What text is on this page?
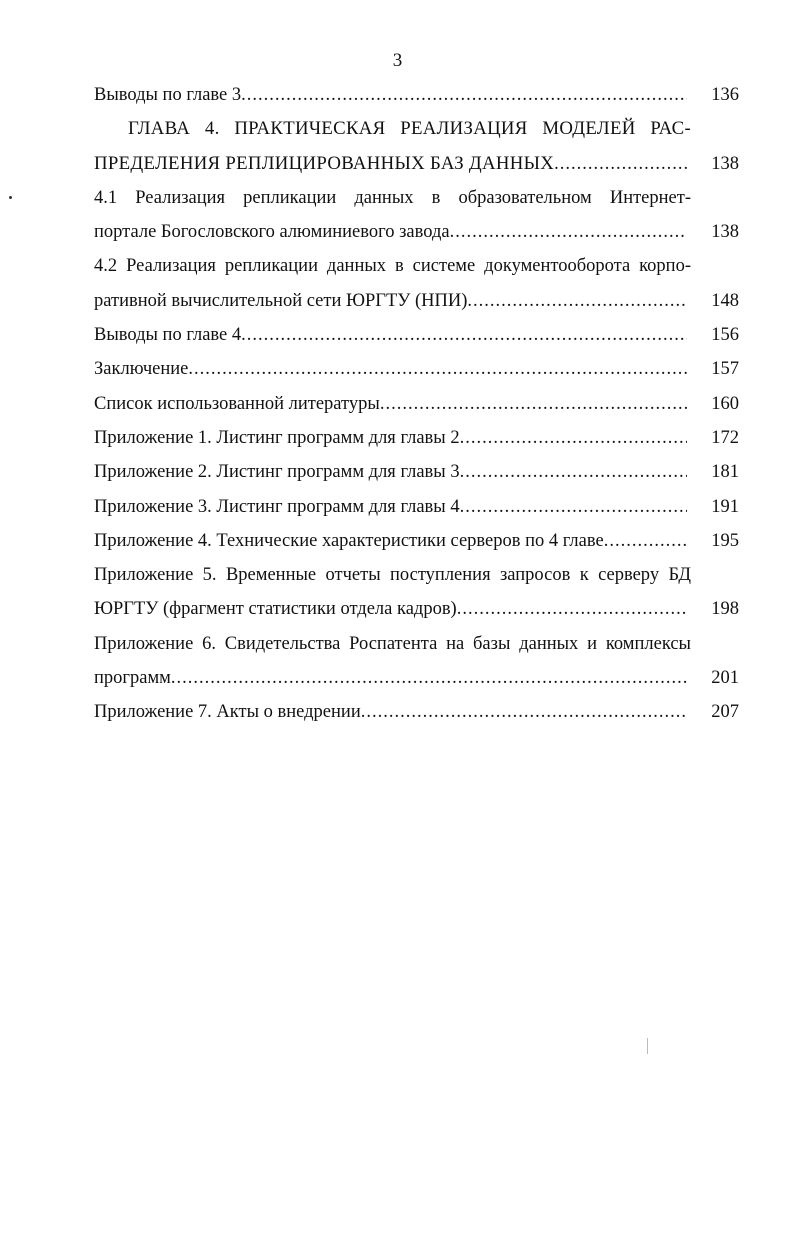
3
Выводы по главе 3 .....	136
ГЛАВА 4. ПРАКТИЧЕСКАЯ РЕАЛИЗАЦИЯ МОДЕЛЕЙ РАС-
ПРЕДЕЛЕНИЯ РЕПЛИЦИРОВАННЫХ БАЗ ДАННЫХ .....	138
4.1 Реализация репликации данных в образовательном Интернет-
портале Богословского алюминиевого завода .....	138
4.2 Реализация репликации данных в системе документооборота корпо-
ративной вычислительной сети ЮРГТУ (НПИ) .....	148
Выводы по главе 4 .....	156
Заключение .....	157
Список использованной литературы .....	160
Приложение 1. Листинг программ для главы 2 .....	172
Приложение 2. Листинг программ для главы 3 .....	181
Приложение 3. Листинг программ для главы 4 .....	191
Приложение 4. Технические характеристики серверов по 4 главе .....	195
Приложение 5. Временные отчеты поступления запросов к серверу БД
ЮРГТУ (фрагмент статистики отдела кадров) .....	198
Приложение 6. Свидетельства Роспатента на базы данных и комплексы
программ .....	201
Приложение 7. Акты о внедрении .....	207
